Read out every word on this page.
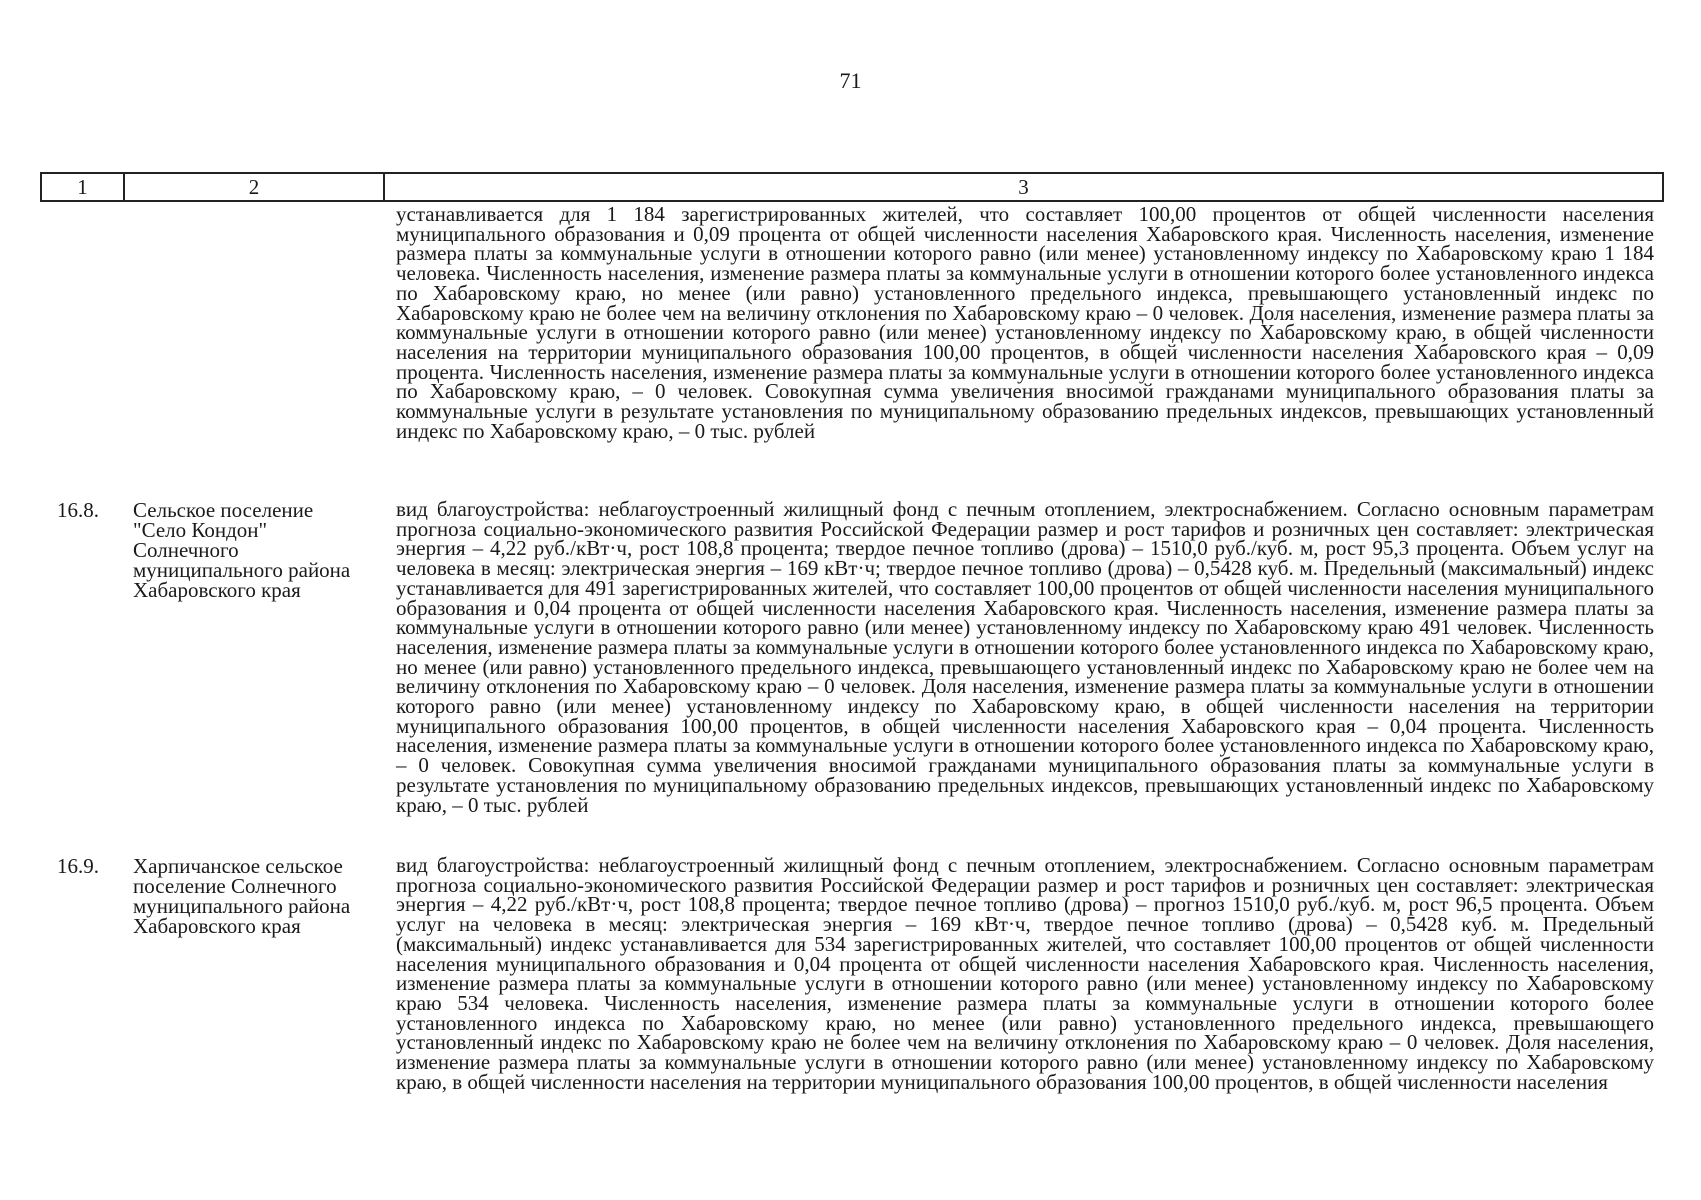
71
1	2	3

устанавливается для 1 184 зарегистрированных жителей, что составляет 100,00 процентов от общей численности населения муниципального образования и 0,09 процента от общей численности населения Хабаровского края. Численность населения, изменение размера платы за коммунальные услуги в отношении которого равно (или менее) установленному индексу по Хабаровскому краю 1 184 человека. Численность населения, изменение размера платы за коммунальные услуги в отношении которого более установленного индекса по Хабаровскому краю, но менее (или равно) установленного предельного индекса, превышающего установленный индекс по Хабаровскому краю не более чем на величину отклонения по Хабаровскому краю – 0 человек. Доля населения, изменение размера платы за коммунальные услуги в отношении которого равно (или менее) установленному индексу по Хабаровскому краю, в общей численности населения на территории муниципального образования 100,00 процентов, в общей численности населения Хабаровского края – 0,09 процента. Численность населения, изменение размера платы за коммунальные услуги в отношении которого более установленного индекса по Хабаровскому краю, – 0 человек. Совокупная сумма увеличения вносимой гражданами муниципального образования платы за коммунальные услуги в результате установления по муниципальному образованию предельных индексов, превышающих установленный индекс по Хабаровскому краю, – 0 тыс. рублей

16.8. Сельское поселение "Село Кондон" Солнечного муниципального района Хабаровского края

вид благоустройства: неблагоустроенный жилищный фонд с печным отоплением, электроснабжением. Согласно основным параметрам прогноза социально-экономического развития Российской Федерации размер и рост тарифов и розничных цен составляет: электрическая энергия – 4,22 руб./кВт·ч, рост 108,8 процента; твердое печное топливо (дрова) – 1510,0 руб./куб. м, рост 95,3 процента. Объем услуг на человека в месяц: электрическая энергия – 169 кВт·ч; твердое печное топливо (дрова) – 0,5428 куб. м. Предельный (максимальный) индекс устанавливается для 491 зарегистрированных жителей, что составляет 100,00 процентов от общей численности населения муниципального образования и 0,04 процента от общей численности населения Хабаровского края. Численность населения, изменение размера платы за коммунальные услуги в отношении которого равно (или менее) установленному индексу по Хабаровскому краю 491 человек. Численность населения, изменение размера платы за коммунальные услуги в отношении которого более установленного индекса по Хабаровскому краю, но менее (или равно) установленного предельного индекса, превышающего установленный индекс по Хабаровскому краю не более чем на величину отклонения по Хабаровскому краю – 0 человек. Доля населения, изменение размера платы за коммунальные услуги в отношении которого равно (или менее) установленному индексу по Хабаровскому краю, в общей численности населения на территории муниципального образования 100,00 процентов, в общей численности населения Хабаровского края – 0,04 процента. Численность населения, изменение размера платы за коммунальные услуги в отношении которого более установленного индекса по Хабаровскому краю, – 0 человек. Совокупная сумма увеличения вносимой гражданами муниципального образования платы за коммунальные услуги в результате установления по муниципальному образованию предельных индексов, превышающих установленный индекс по Хабаровскому краю, – 0 тыс. рублей

16.9. Харпичанское сельское поселение Солнечного муниципального района Хабаровского края

вид благоустройства: неблагоустроенный жилищный фонд с печным отоплением, электроснабжением. Согласно основным параметрам прогноза социально-экономического развития Российской Федерации размер и рост тарифов и розничных цен составляет: электрическая энергия – 4,22 руб./кВт·ч, рост 108,8 процента; твердое печное топливо (дрова) – прогноз 1510,0 руб./куб. м, рост 96,5 процента. Объем услуг на человека в месяц: электрическая энергия – 169 кВт·ч, твердое печное топливо (дрова) – 0,5428 куб. м. Предельный (максимальный) индекс устанавливается для 534 зарегистрированных жителей, что составляет 100,00 процентов от общей численности населения муниципального образования и 0,04 процента от общей численности населения Хабаровского края. Численность населения, изменение размера платы за коммунальные услуги в отношении которого равно (или менее) установленному индексу по Хабаровскому краю 534 человека. Численность населения, изменение размера платы за коммунальные услуги в отношении которого более установленного индекса по Хабаровскому краю, но менее (или равно) установленного предельного индекса, превышающего установленный индекс по Хабаровскому краю не более чем на величину отклонения по Хабаровскому краю – 0 человек. Доля населения, изменение размера платы за коммунальные услуги в отношении которого равно (или менее) установленному индексу по Хабаровскому краю, в общей численности населения на территории муниципального образования 100,00 процентов, в общей численности населения
